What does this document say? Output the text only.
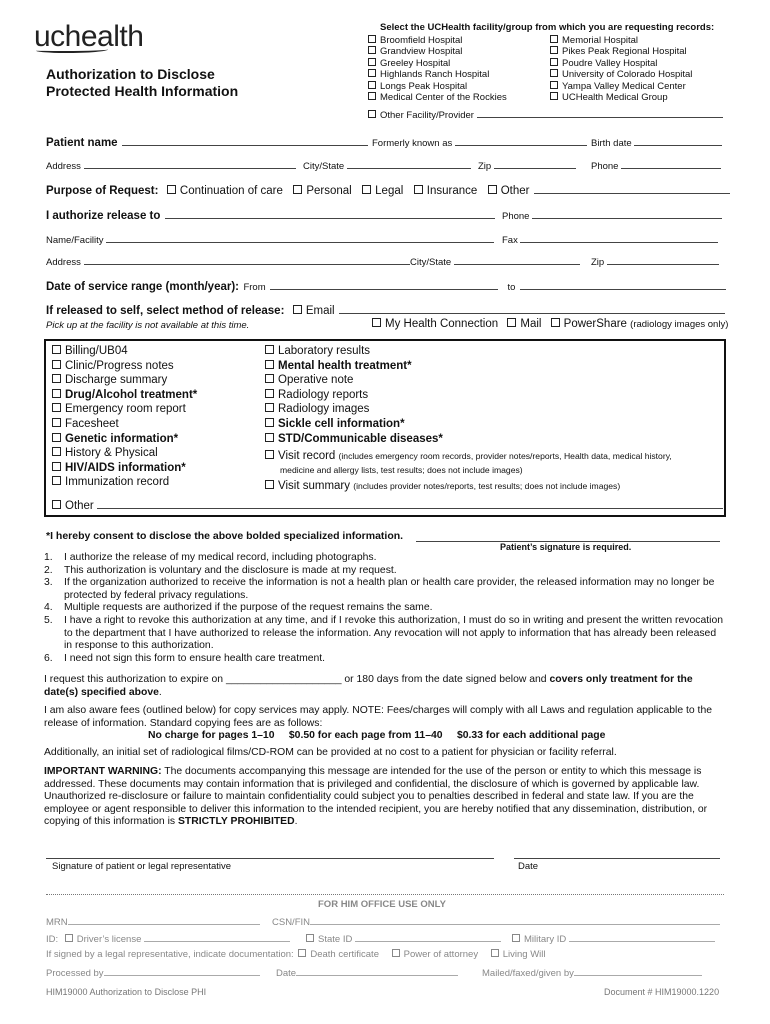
uchealth
Authorization to Disclose
Protected Health Information
Select the UCHealth facility/group from which you are requesting records:
Broomfield Hospital
Grandview Hospital
Greeley Hospital
Highlands Ranch Hospital
Longs Peak Hospital
Medical Center of the Rockies
Memorial Hospital
Pikes Peak Regional Hospital
Poudre Valley Hospital
University of Colorado Hospital
Yampa Valley Medical Center
UCHealth Medical Group
Other Facility/Provider
Patient name	Formerly known as	Birth date
Address	City/State	Zip	Phone
Purpose of Request: Continuation of care Personal Legal Insurance Other
I authorize release to	Phone
Name/Facility	Fax
Address	City/State	Zip
Date of service range (month/year): From	to
If released to self, select method of release: Email
Pick up at the facility is not available at this time.	My Health Connection Mail PowerShare (radiology images only)
Billing/UB04
Clinic/Progress notes
Discharge summary
Drug/Alcohol treatment*
Emergency room report
Facesheet
Genetic information*
History & Physical
HIV/AIDS information*
Immunization record
Laboratory results
Mental health treatment*
Operative note
Radiology reports
Radiology images
Sickle cell information*
STD/Communicable diseases*
Visit record (includes emergency room records, provider notes/reports, Health data, medical history,
medicine and allergy lists, test results; does not include images)
Visit summary (includes provider notes/reports, test results; does not include images)
Other
*I hereby consent to disclose the above bolded specialized information.
Patient’s signature is required.
1.	I authorize the release of my medical record, including photographs.
2.	This authorization is voluntary and the disclosure is made at my request.
3.	If the organization authorized to receive the information is not a health plan or health care provider, the released information may no longer be protected by federal privacy regulations.
4.	Multiple requests are authorized if the purpose of the request remains the same.
5.	I have a right to revoke this authorization at any time, and if I revoke this authorization, I must do so in writing and present the written revocation to the department that I have authorized to release the information. Any revocation will not apply to information that has already been released in response to this authorization.
6.	I need not sign this form to ensure health care treatment.
I request this authorization to expire on ____________________ or 180 days from the date signed below and covers only treatment for the date(s) specified above.
I am also aware fees (outlined below) for copy services may apply. NOTE: Fees/charges will comply with all Laws and regulation applicable to the release of information. Standard copying fees are as follows:
No charge for pages 1–10     $0.50 for each page from 11–40     $0.33 for each additional page
Additionally, an initial set of radiological films/CD-ROM can be provided at no cost to a patient for physician or facility referral.
IMPORTANT WARNING: The documents accompanying this message are intended for the use of the person or entity to which this message is addressed. These documents may contain information that is privileged and confidential, the disclosure of which is governed by applicable law. Unauthorized re-disclosure or failure to maintain confidentiality could subject you to penalties described in federal and state law. If you are the employee or agent responsible to deliver this information to the intended recipient, you are hereby notified that any dissemination, distribution, or copying of this information is STRICTLY PROHIBITED.
Signature of patient or legal representative	Date
FOR HIM OFFICE USE ONLY
MRN	CSN/FIN
ID: Driver’s license	State ID	Military ID
If signed by a legal representative, indicate documentation: Death certificate	Power of attorney	Living Will
Processed by	Date	Mailed/faxed/given by
HIM19000 Authorization to Disclose PHI	Document # HIM19000.1220
